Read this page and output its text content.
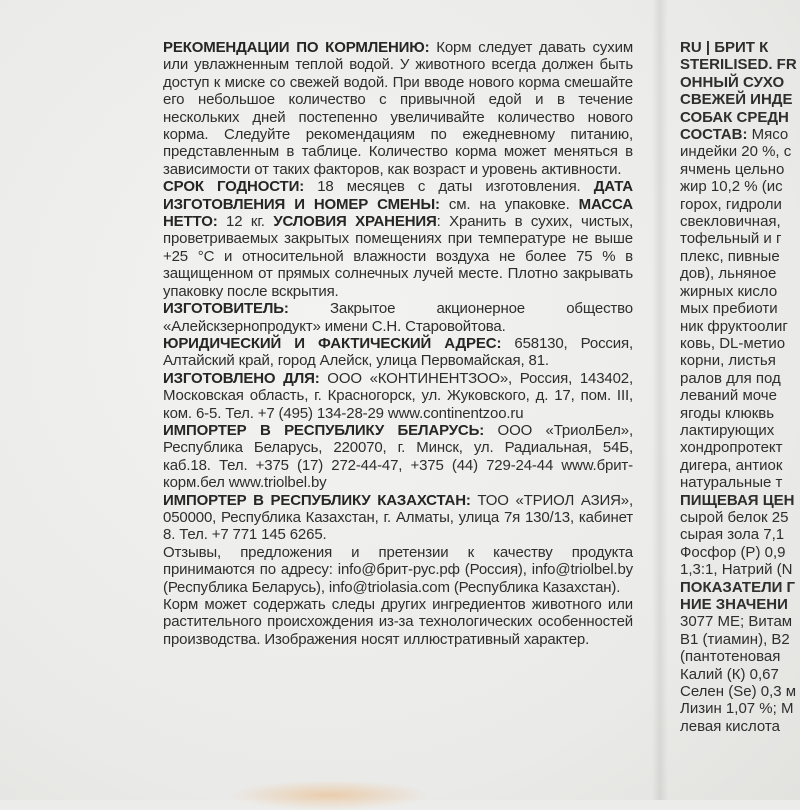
РЕКОМЕНДАЦИИ ПО КОРМЛЕНИЮ: Корм следует давать сухим или увлажненным теплой водой. У животного всегда должен быть доступ к миске со свежей водой. При вводе нового корма смешайте его небольшое количество с привычной едой и в течение нескольких дней постепенно увеличивайте количество нового корма. Следуйте рекомендациям по ежедневному питанию, представленным в таблице. Количество корма может меняться в зависимости от таких факторов, как возраст и уровень активности.

СРОК ГОДНОСТИ: 18 месяцев с даты изготовления. ДАТА ИЗГОТОВЛЕНИЯ И НОМЕР СМЕНЫ: см. на упаковке. МАССА НЕТТО: 12 кг. УСЛОВИЯ ХРАНЕНИЯ: Хранить в сухих, чистых, проветриваемых закрытых помещениях при температуре не выше +25 °С и относительной влажности воздуха не более 75 % в защищенном от прямых солнечных лучей месте. Плотно закрывать упаковку после вскрытия.

ИЗГОТОВИТЕЛЬ:	Закрытое акционерное общество «Алейскзернопродукт» имени С.Н. Старовойтова.

ЮРИДИЧЕСКИЙ И ФАКТИЧЕСКИЙ АДРЕС: 658130, Россия, Алтайский край, город Алейск, улица Первомайская, 81.

ИЗГОТОВЛЕНО ДЛЯ: ООО «КОНТИНЕНТЗОО», Россия, 143402, Московская область, г. Красногорск, ул. Жуковского, д. 17, пом. III, ком. 6-5. Тел. +7 (495) 134-28-29 www.continentzoo.ru

ИМПОРТЕР В РЕСПУБЛИКУ БЕЛАРУСЬ: ООО «ТриолБел», Республика Беларусь, 220070, г. Минск, ул. Радиальная, 54Б, каб.18. Тел. +375 (17) 272-44-47, +375 (44) 729-24-44 www.брит-корм.бел www.triolbel.by

ИМПОРТЕР В РЕСПУБЛИКУ КАЗАХСТАН: ТОО «ТРИОЛ АЗИЯ», 050000, Республика Казахстан, г. Алматы, улица 7я 130/13, кабинет 8. Тел. +7 771 145 6265.

Отзывы, предложения и претензии к качеству продукта принимаются по адресу: info@брит-рус.рф (Россия), info@triolbel.by (Республика Беларусь), info@triolasia.com (Республика Казахстан).

Корм может содержать следы других ингредиентов животного или растительного происхождения из-за технологических особенностей производства. Изображения носят иллюстративный характер.

RU | БРИТ К
STERILISED. FR
ОННЫЙ СУХО
СВЕЖЕЙ ИНДЕ
СОБАК СРЕДН
СОСТАВ: Мясо
индейки 20 %, с
ячмень цельно
жир 10,2 % (ис
горох, гидроли
свекловичная,
тофельный и г
плекс, пивные
дов), льняное
жирных кисло
мых пребиоти
ник фруктоолиг
ковь, DL-метио
корни, листья
ралов для под
леваний моче
ягоды клюквь
лактирующих
хондропротект
дигера, антиок
натуральные т
ПИЩЕВАЯ ЦЕН
сырой белок 25
сырая зола 7,1
Фосфор (Р) 0,9
1,3:1, Натрий (N
ПОКАЗАТЕЛИ Г
НИЕ ЗНАЧЕНИ
3077 МЕ; Витам
В1 (тиамин), В2
(пантотеновая
Калий (К) 0,67
Селен (Se) 0,3 м
Лизин 1,07 %; М
левая кислота
